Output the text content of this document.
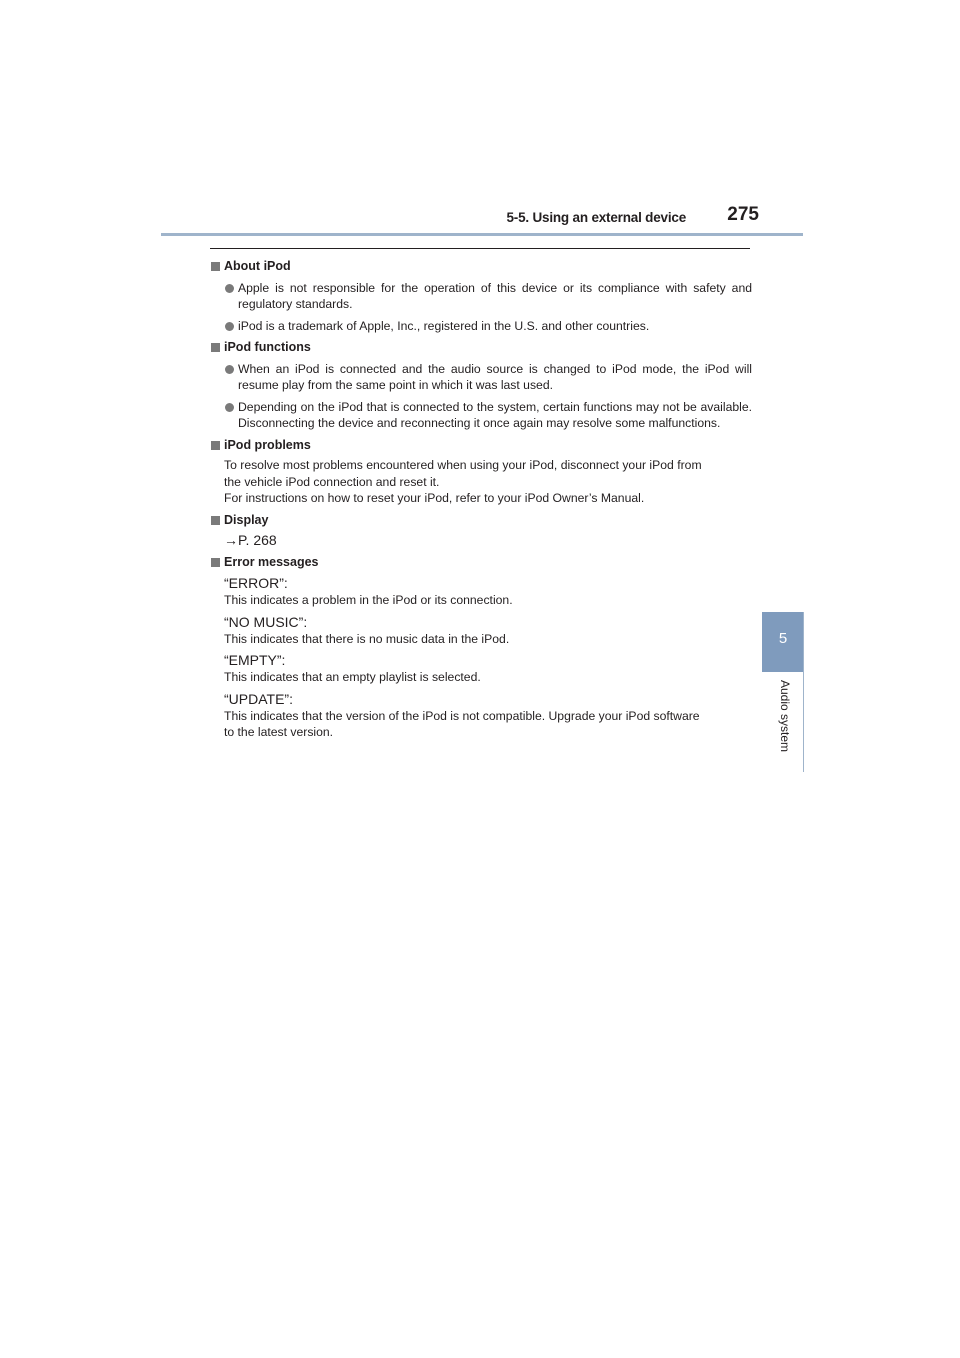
5-5. Using an external device 275
About iPod
Apple is not responsible for the operation of this device or its compliance with safety and regulatory standards.
iPod is a trademark of Apple, Inc., registered in the U.S. and other countries.
iPod functions
When an iPod is connected and the audio source is changed to iPod mode, the iPod will resume play from the same point in which it was last used.
Depending on the iPod that is connected to the system, certain functions may not be available. Disconnecting the device and reconnecting it once again may resolve some malfunctions.
iPod problems
To resolve most problems encountered when using your iPod, disconnect your iPod from
the vehicle iPod connection and reset it.
For instructions on how to reset your iPod, refer to your iPod Owner’s Manual.
Display
→P. 268
Error messages
“ERROR”:
This indicates a problem in the iPod or its connection.
“NO MUSIC”:
This indicates that there is no music data in the iPod.
“EMPTY”:
This indicates that an empty playlist is selected.
“UPDATE”:
This indicates that the version of the iPod is not compatible. Upgrade your iPod software
to the latest version.
5
Audio system
